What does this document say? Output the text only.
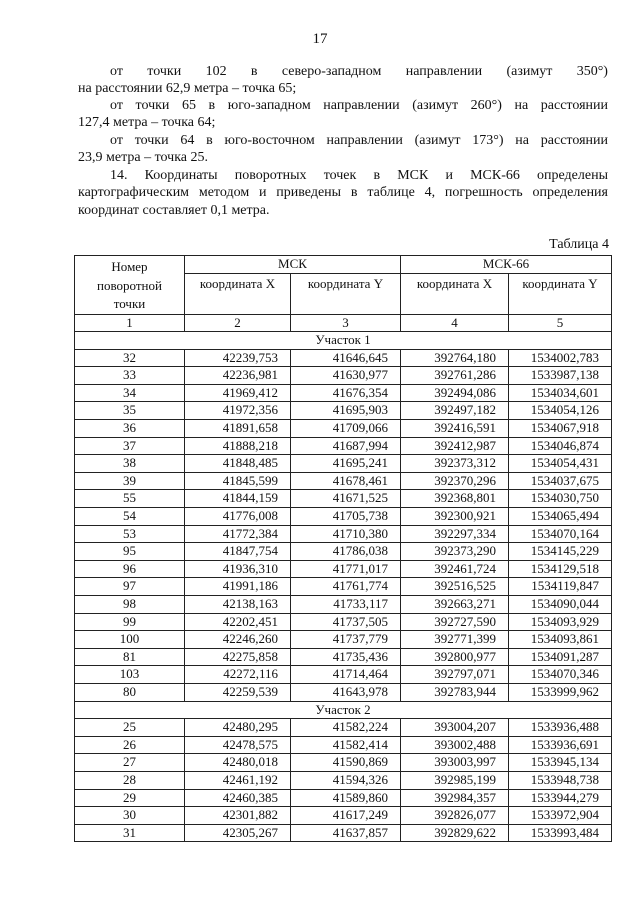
17
от точки 102 в северо-западном направлении (азимут 350°)
на расстоянии 62,9 метра – точка 65;
от точки 65 в юго-западном направлении (азимут 260°) на расстоянии
127,4 метра – точка 64;
от точки 64 в юго-восточном направлении (азимут 173°) на расстоянии
23,9 метра – точка 25.
14. Координаты поворотных точек в МСК и МСК-66 определены
картографическим методом и приведены в таблице 4, погрешность определения
координат составляет 0,1 метра.
Таблица 4
Номер поворотной точки	МСК		МСК-66	
	координата X	координата Y	координата X	координата Y
1	2	3	4	5
Участок 1				
32	42239,753	41646,645	392764,180	1534002,783
33	42236,981	41630,977	392761,286	1533987,138
34	41969,412	41676,354	392494,086	1534034,601
35	41972,356	41695,903	392497,182	1534054,126
36	41891,658	41709,066	392416,591	1534067,918
37	41888,218	41687,994	392412,987	1534046,874
38	41848,485	41695,241	392373,312	1534054,431
39	41845,599	41678,461	392370,296	1534037,675
55	41844,159	41671,525	392368,801	1534030,750
54	41776,008	41705,738	392300,921	1534065,494
53	41772,384	41710,380	392297,334	1534070,164
95	41847,754	41786,038	392373,290	1534145,229
96	41936,310	41771,017	392461,724	1534129,518
97	41991,186	41761,774	392516,525	1534119,847
98	42138,163	41733,117	392663,271	1534090,044
99	42202,451	41737,505	392727,590	1534093,929
100	42246,260	41737,779	392771,399	1534093,861
81	42275,858	41735,436	392800,977	1534091,287
103	42272,116	41714,464	392797,071	1534070,346
80	42259,539	41643,978	392783,944	1533999,962
Участок 2				
25	42480,295	41582,224	393004,207	1533936,488
26	42478,575	41582,414	393002,488	1533936,691
27	42480,018	41590,869	393003,997	1533945,134
28	42461,192	41594,326	392985,199	1533948,738
29	42460,385	41589,860	392984,357	1533944,279
30	42301,882	41617,249	392826,077	1533972,904
31	42305,267	41637,857	392829,622	1533993,484
